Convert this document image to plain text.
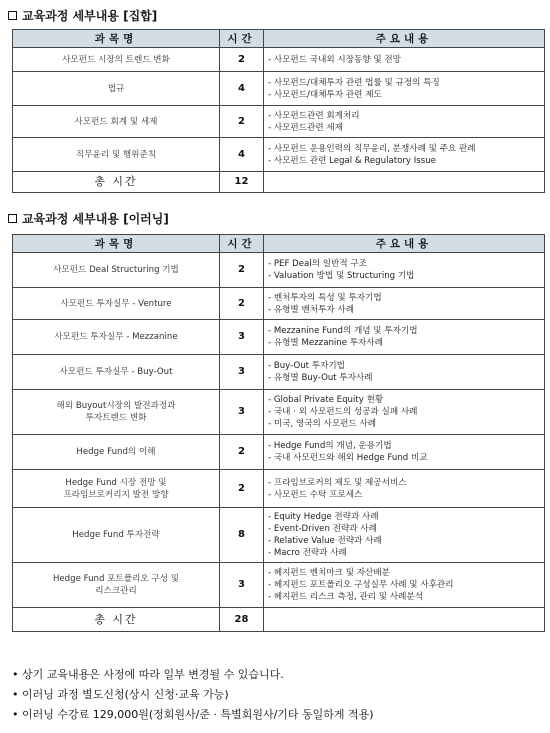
교육과정 세부내용 [집합]
과목명	시간	주요내용

사모펀드 시장의 트렌드 변화	2	- 사모펀드 국내외 시장동향 및 전망

법규	4	- 사모펀드/대체투자 관련 법률 및 규정의 특징
- 사모펀드/대체투자 관련 제도

사모펀드 회계 및 세제	2	- 사모펀드관련 회계처리
- 사모펀드관련 세제

직무윤리 및 행위준칙	4	- 사모펀드 운용인력의 직무윤리, 분쟁사례 및 주요 판례
- 사모펀드 관련 Legal & Regulatory Issue

총 시간	12	
교육과정 세부내용 [이러닝]
과목명	시간	주요내용

사모펀드 Deal Structuring 기법	2	- PEF Deal의 일반적 구조
- Valuation 방법 및 Structuring 기법

사모펀드 투자실무 - Venture	2	- 벤처투자의 특성 및 투자기법
- 유형별 벤처투자 사례

사모펀드 투자실무 - Mezzanine	3	- Mezzanine Fund의 개념 및 투자기법
- 유형별 Mezzanine 투자사례

사모펀드 투자실무 - Buy-Out	3	- Buy-Out 투자기법
- 유형별 Buy-Out 투자사례

해외 Buyout시장의 발전과정과
투자트렌드 변화	3	- Global Private Equity 현황
- 국내 · 외 사모펀드의 성공과 실패 사례
- 미국, 영국의 사모펀드 사례

Hedge Fund의 이해	2	- Hedge Fund의 개념, 운용기법
- 국내 사모펀드와 해외 Hedge Fund 비교

Hedge Fund 시장 전망 및
프라임브로커리지 발전 방향	2	- 프라임브로커의 제도 및 제공서비스
- 사모펀드 수탁 프로세스

Hedge Fund 투자전략	8	- Equity Hedge 전략과 사례
- Event-Driven 전략과 사례
- Relative Value 전략과 사례
- Macro 전략과 사례

Hedge Fund 포트폴리오 구성 및
리스크관리	3	- 헤지펀드 벤치마크 및 자산배분
- 헤지펀드 포트폴리오 구성실무 사례 및 사후관리
- 헤지펀드 리스크 측정, 관리 및 사례분석

총 시간	28	
• 상기 교육내용은 사정에 따라 일부 변경될 수 있습니다.
• 이러닝 과정 별도신청(상시 신청·교육 가능)
• 이러닝 수강료 129,000원(정회원사/준 · 특별회원사/기타 동일하게 적용)
